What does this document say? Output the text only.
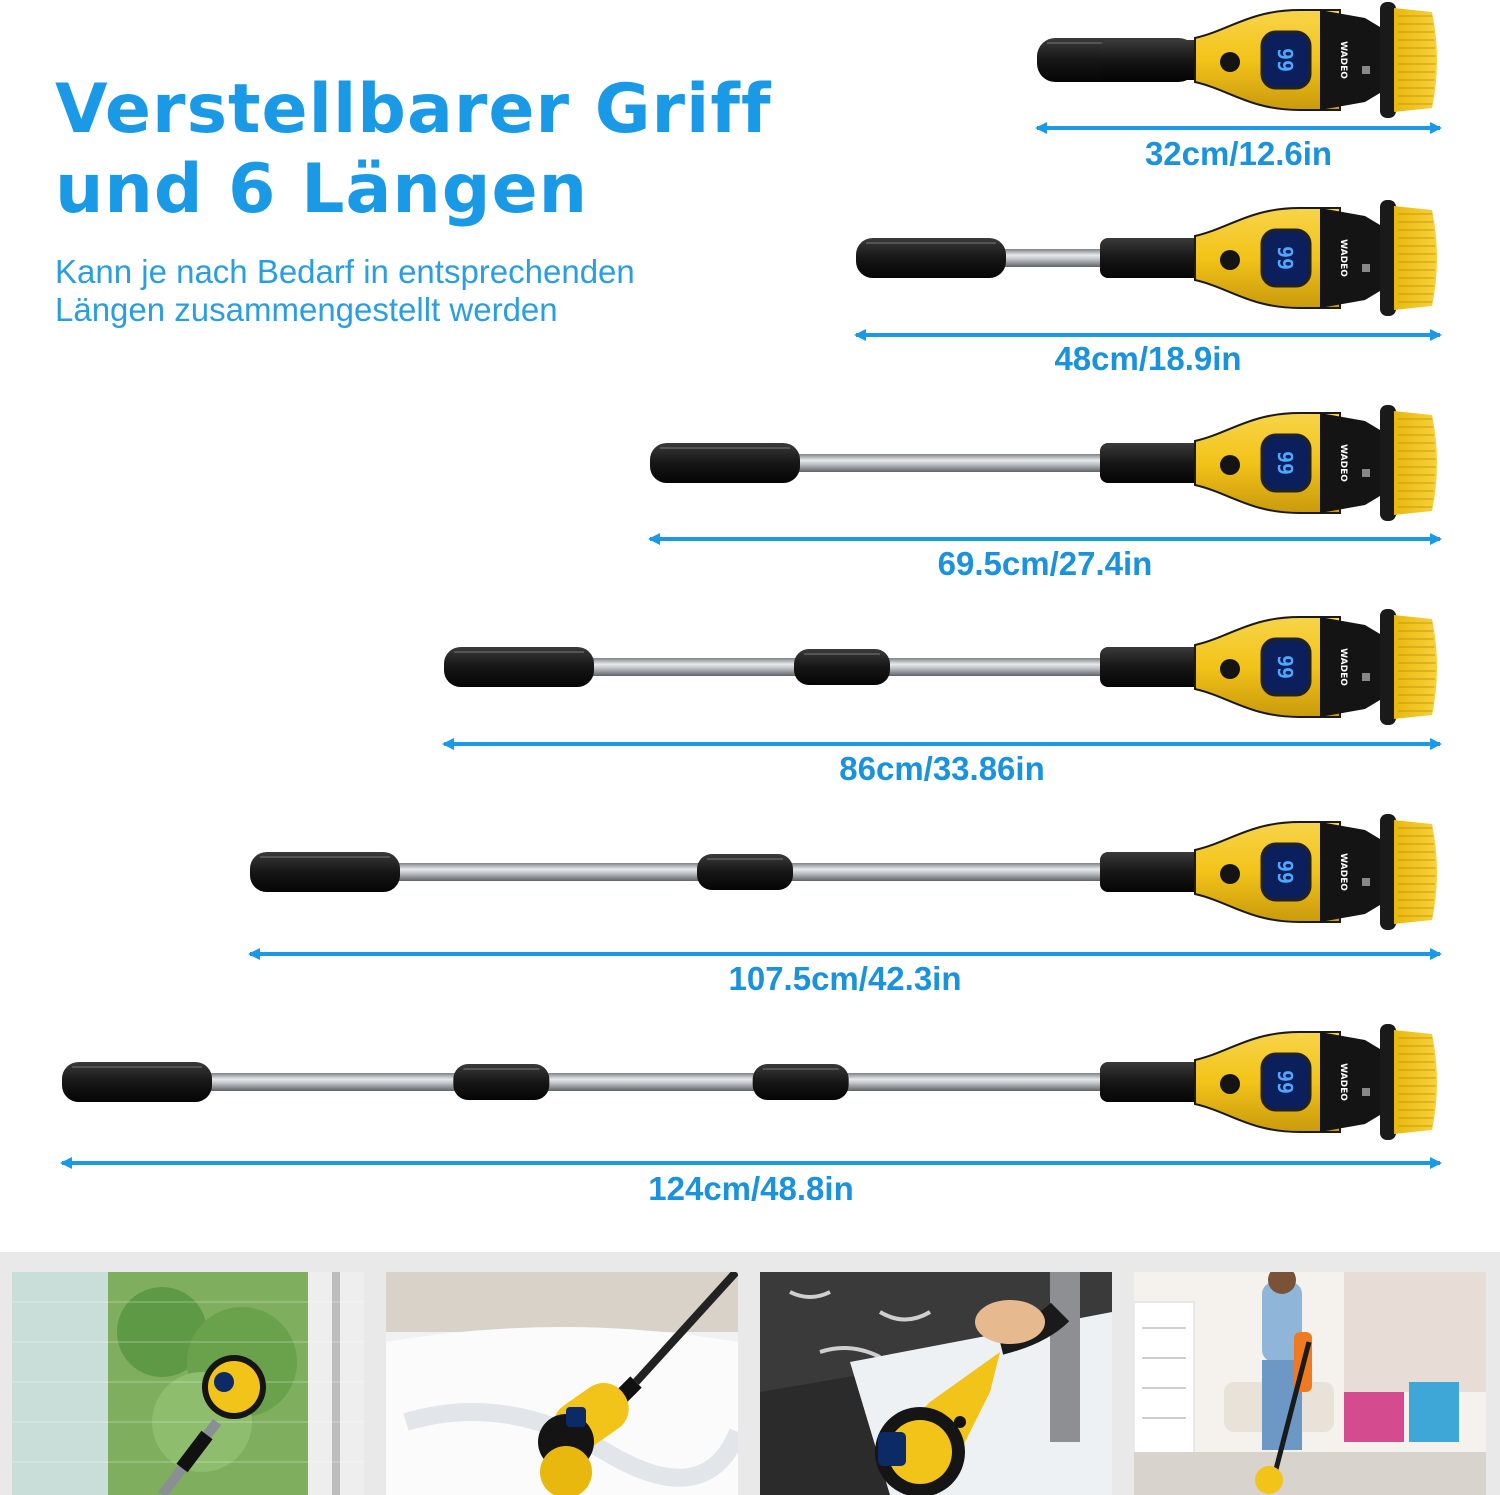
Verstellbarer Griff
und 6 Längen

Kann je nach Bedarf in entsprechenden
Längen zusammengestellt werden

99	WADEO
99	WADEO
99	WADEO
99	WADEO
99	WADEO
99	WADEO
32cm/12.6in
48cm/18.9in
69.5cm/27.4in
86cm/33.86in
107.5cm/42.3in
124cm/48.8in
